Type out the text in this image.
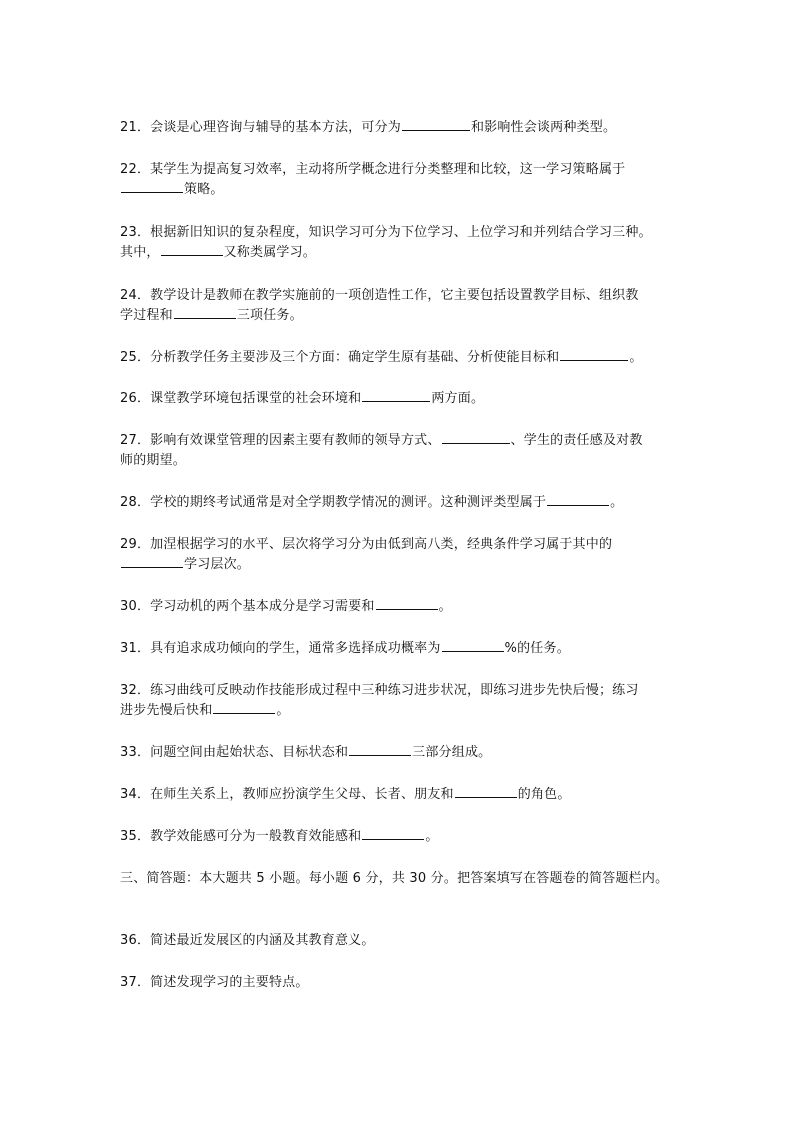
21．会谈是心理咨询与辅导的基本方法，可分为	和影响性会谈两种类型。
22．某学生为提高复习效率，主动将所学概念进行分类整理和比较，这一学习策略属于
策略。
23．根据新旧知识的复杂程度，知识学习可分为下位学习、上位学习和并列结合学习三种。
其中，	又称类属学习。
24．教学设计是教师在教学实施前的一项创造性工作，它主要包括设置教学目标、组织教
学过程和	三项任务。
25．分析教学任务主要涉及三个方面：确定学生原有基础、分析使能目标和	。
26．课堂教学环境包括课堂的社会环境和	两方面。
27．影响有效课堂管理的因素主要有教师的领导方式、	、学生的责任感及对教
师的期望。
28．学校的期终考试通常是对全学期教学情况的测评。这种测评类型属于	。
29．加涅根据学习的水平、层次将学习分为由低到高八类，经典条件学习属于其中的
学习层次。
30．学习动机的两个基本成分是学习需要和	。
31．具有追求成功倾向的学生，通常多选择成功概率为	%的任务。
32．练习曲线可反映动作技能形成过程中三种练习进步状况，即练习进步先快后慢；练习
进步先慢后快和	。
33．问题空间由起始状态、目标状态和	三部分组成。
34．在师生关系上，教师应扮演学生父母、长者、朋友和	的角色。
35．教学效能感可分为一般教育效能感和	。
三、简答题：本大题共 5 小题。每小题 6 分，共 30 分。把答案填写在答题卷的简答题栏内。
36．简述最近发展区的内涵及其教育意义。
37．简述发现学习的主要特点。
